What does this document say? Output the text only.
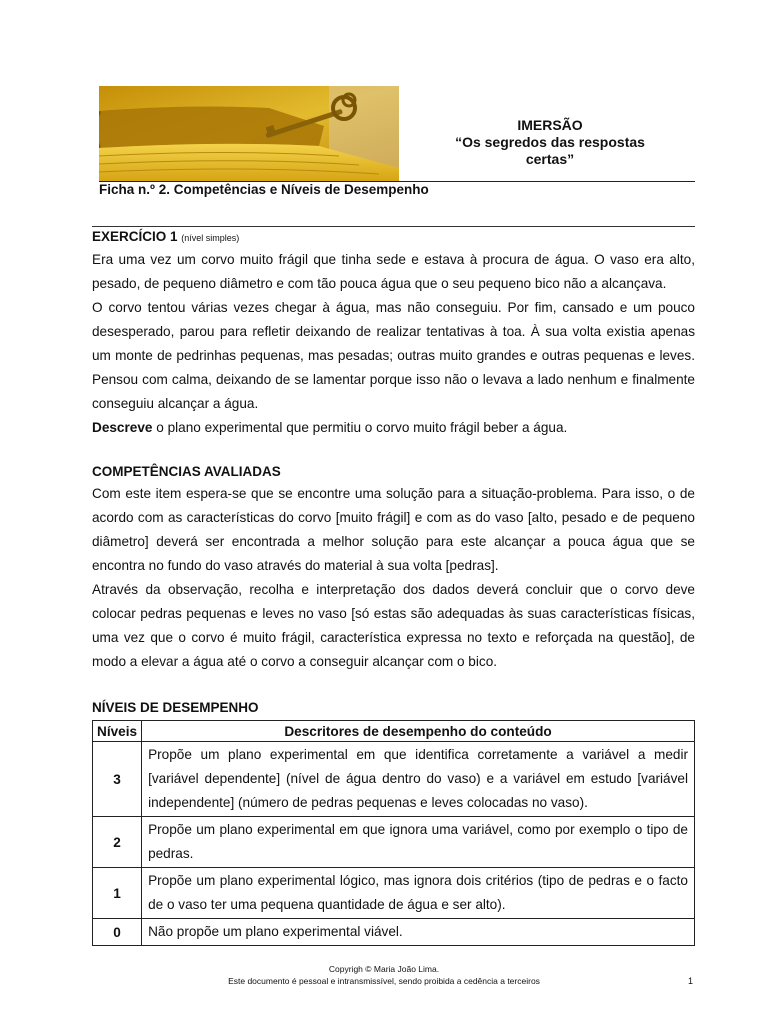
IMERSÃO
“Os segredos das respostas certas”
Ficha n.º 2. Competências e Níveis de Desempenho
EXERCÍCIO 1 (nível simples)

Era uma vez um corvo muito frágil que tinha sede e estava à procura de água. O vaso era alto, pesado, de pequeno diâmetro e com tão pouca água que o seu pequeno bico não a alcançava.

O corvo tentou várias vezes chegar à água, mas não conseguiu. Por fim, cansado e um pouco desesperado, parou para refletir deixando de realizar tentativas à toa. À sua volta existia apenas um monte de pedrinhas pequenas, mas pesadas; outras muito grandes e outras pequenas e leves. Pensou com calma, deixando de se lamentar porque isso não o levava a lado nenhum e finalmente conseguiu alcançar a água.

Descreve o plano experimental que permitiu o corvo muito frágil beber a água.

COMPETÊNCIAS AVALIADAS

Com este item espera-se que se encontre uma solução para a situação-problema. Para isso, o de acordo com as características do corvo [muito frágil] e com as do vaso [alto, pesado e de pequeno diâmetro] deverá ser encontrada a melhor solução para este alcançar a pouca água que se encontra no fundo do vaso através do material à sua volta [pedras].

Através da observação, recolha e interpretação dos dados deverá concluir que o corvo deve colocar pedras pequenas e leves no vaso [só estas são adequadas às suas características físicas, uma vez que o corvo é muito frágil, característica expressa no texto e reforçada na questão], de modo a elevar a água até o corvo a conseguir alcançar com o bico.

NÍVEIS DE DESEMPENHO
Níveis	Descritores de desempenho do conteúdo
3	Propõe um plano experimental em que identifica corretamente a variável a medir [variável dependente] (nível de água dentro do vaso) e a variável em estudo [variável independente] (número de pedras pequenas e leves colocadas no vaso).
2	Propõe um plano experimental em que ignora uma variável, como por exemplo o tipo de pedras.
1	Propõe um plano experimental lógico, mas ignora dois critérios (tipo de pedras e o facto de o vaso ter uma pequena quantidade de água e ser alto).
0	Não propõe um plano experimental viável.
Copyrigh © Maria João Lima.
Este documento é pessoal e intransmissível, sendo proibida a cedência a terceiros	1
